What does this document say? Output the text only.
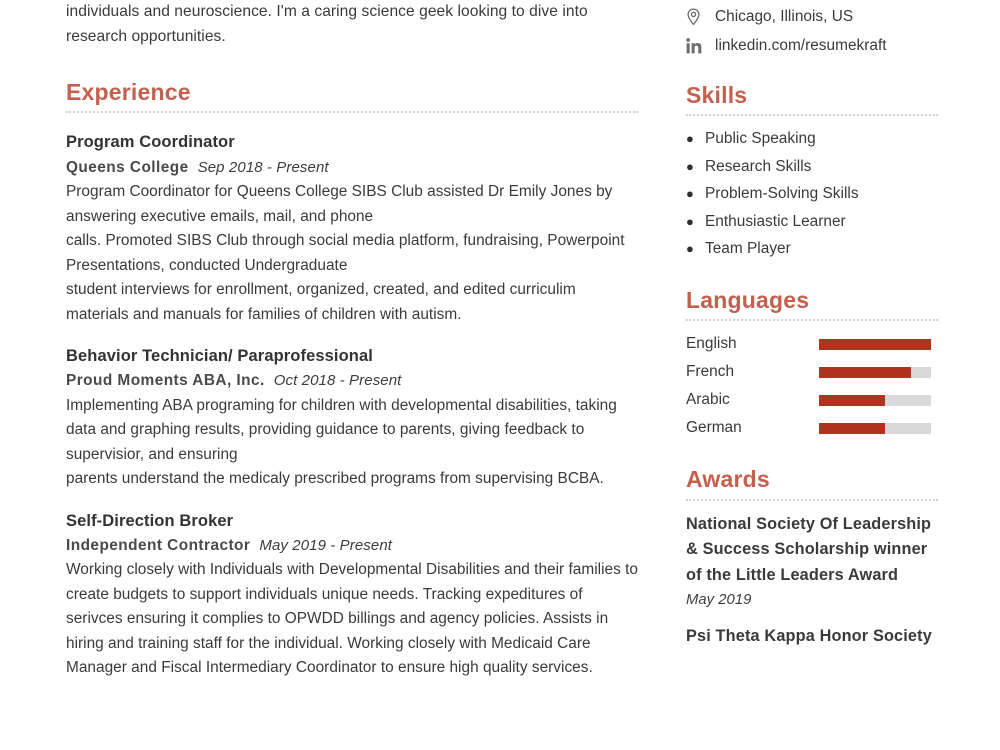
individuals and neuroscience. I'm a caring science geek looking to dive into research opportunities.

Experience
Program Coordinator
Queens College Sep 2018 - Present
Program Coordinator for Queens College SIBS Club assisted Dr Emily Jones by answering executive emails, mail, and phone
calls. Promoted SIBS Club through social media platform, fundraising, Powerpoint Presentations, conducted Undergraduate
student interviews for enrollment, organized, created, and edited curriculim materials and manuals for families of children with autism.
Behavior Technician/ Paraprofessional
Proud Moments ABA, Inc. Oct 2018 - Present
Implementing ABA programing for children with developmental disabilities, taking data and graphing results, providing guidance to parents, giving feedback to supervisior, and ensuring
parents understand the medicaly prescribed programs from supervising BCBA.
Self-Direction Broker
Independent Contractor May 2019 - Present
Working closely with Individuals with Developmental Disabilities and their families to create budgets to support individuals unique needs. Tracking expeditures of serivces ensuring it complies to OPWDD billings and agency policies. Assists in hiring and training staff for the individual. Working closely with Medicaid Care Manager and Fiscal Intermediary Coordinator to ensure high quality services.
Chicago, Illinois, US
linkedin.com/resumekraft
Skills
● Public Speaking
● Research Skills
● Problem-Solving Skills
● Enthusiastic Learner
● Team Player
Languages
English
French
Arabic
German
Awards
National Society Of Leadership & Success Scholarship winner of the Little Leaders Award
May 2019
Psi Theta Kappa Honor Society
